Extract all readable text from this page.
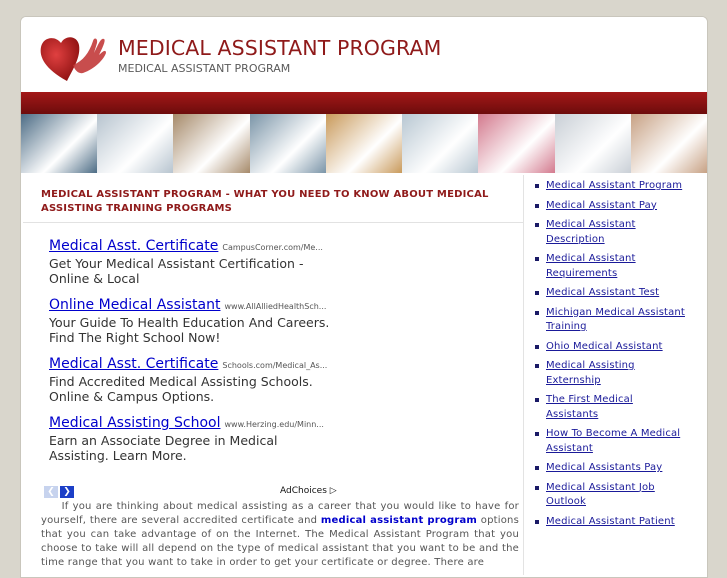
MEDICAL ASSISTANT PROGRAM
MEDICAL ASSISTANT PROGRAM
MEDICAL ASSISTANT PROGRAM - WHAT YOU NEED TO KNOW ABOUT MEDICAL ASSISTING TRAINING PROGRAMS
Medical Asst. Certificate CampusCorner.com/Me...
Get Your Medical Assistant Certification - Online & Local
Online Medical Assistant www.AllAlliedHealthSch...
Your Guide To Health Education And Careers. Find The Right School Now!
Medical Asst. Certificate Schools.com/Medical_As...
Find Accredited Medical Assisting Schools. Online & Campus Options.
Medical Assisting School www.Herzing.edu/Minn...
Earn an Associate Degree in Medical Assisting. Learn More.
❮ ❯	AdChoices ▷
If you are thinking about medical assisting as a career that you would like to have for yourself, there are several accredited certificate and medical assistant program options that you can take advantage of on the Internet. The Medical Assistant Program that you choose to take will all depend on the type of medical assistant that you want to be and the time range that you want to take in order to get your certificate or degree. There are
Medical Assistant Program
Medical Assistant Pay
Medical Assistant Description
Medical Assistant Requirements
Medical Assistant Test
Michigan Medical Assistant Training
Ohio Medical Assistant
Medical Assisting Externship
The First Medical Assistants
How To Become A Medical Assistant
Medical Assistants Pay
Medical Assistant Job Outlook
Medical Assistant Patient
